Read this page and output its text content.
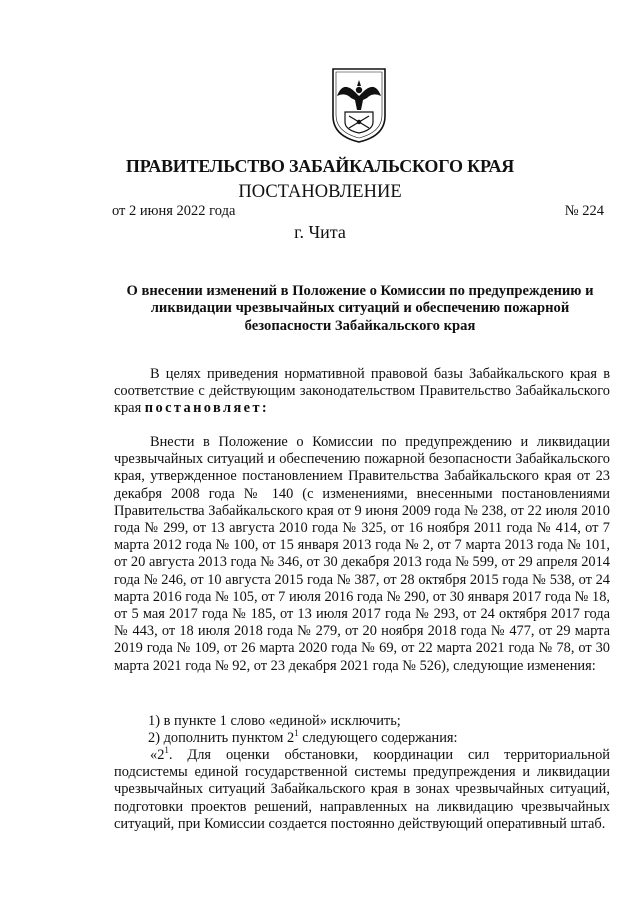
ПРАВИТЕЛЬСТВО ЗАБАЙКАЛЬСКОГО КРАЯ
ПОСТАНОВЛЕНИЕ
от 2 июня 2022 года	№ 224
г. Чита
О внесении изменений в Положение о Комиссии по предупреждению и ликвидации чрезвычайных ситуаций и обеспечению пожарной безопасности Забайкальского края

В целях приведения нормативной правовой базы Забайкальского края в соответствие с действующим законодательством Правительство Забайкальского края постановляет:

Внести в Положение о Комиссии по предупреждению и ликвидации чрезвычайных ситуаций и обеспечению пожарной безопасности Забайкальского края, утвержденное постановлением Правительства Забайкальского края от 23 декабря 2008 года № 140 (с изменениями, внесенными постановлениями Правительства Забайкальского края от 9 июня 2009 года № 238, от 22 июля 2010 года № 299, от 13 августа 2010 года № 325, от 16 ноября 2011 года № 414, от 7 марта 2012 года № 100, от 15 января 2013 года № 2, от 7 марта 2013 года № 101, от 20 августа 2013 года № 346, от 30 декабря 2013 года № 599, от 29 апреля 2014 года № 246, от 10 августа 2015 года № 387, от 28 октября 2015 года № 538, от 24 марта 2016 года № 105, от 7 июля 2016 года № 290, от 30 января 2017 года № 18, от 5 мая 2017 года № 185, от 13 июля 2017 года № 293, от 24 октября 2017 года № 443, от 18 июля 2018 года № 279, от 20 ноября 2018 года № 477, от 29 марта 2019 года № 109, от 26 марта 2020 года № 69, от 22 марта 2021 года № 78, от 30 марта 2021 года № 92, от 23 декабря 2021 года № 526), следующие изменения:

1) в пункте 1 слово «единой» исключить;
2) дополнить пунктом $2^1$ следующего содержания:

«$2^1$. Для оценки обстановки, координации сил территориальной подсистемы единой государственной системы предупреждения и ликвидации чрезвычайных ситуаций Забайкальского края в зонах чрезвычайных ситуаций, подготовки проектов решений, направленных на ликвидацию чрезвычайных ситуаций, при Комиссии создается постоянно действующий оперативный штаб.
